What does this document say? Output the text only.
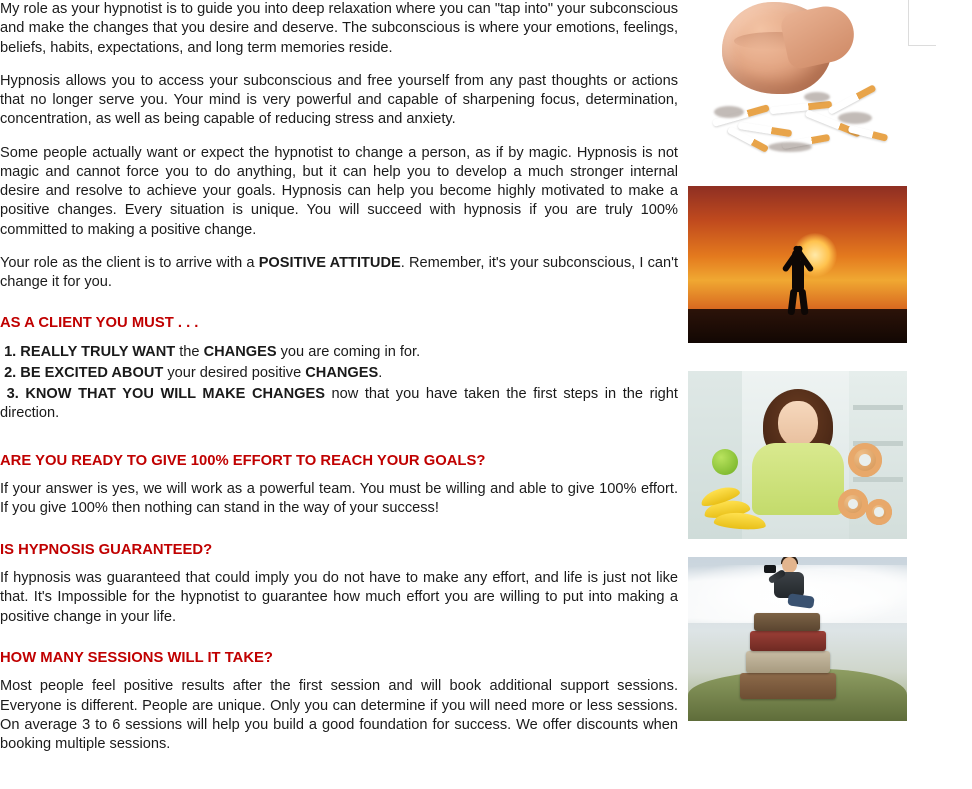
My role as your hypnotist is to guide you into deep relaxation where you can "tap into" your subconscious and make the changes that you desire and deserve. The subconscious is where your emotions, feelings, beliefs, habits, expectations, and long term memories reside.

Hypnosis allows you to access your subconscious and free yourself from any past thoughts or actions that no longer serve you. Your mind is very powerful and capable of sharpening focus, determination, concentration, as well as being capable of reducing stress and anxiety.

Some people actually want or expect the hypnotist to change a person, as if by magic. Hypnosis is not magic and cannot force you to do anything, but it can help you to develop a much stronger internal desire and resolve to achieve your goals. Hypnosis can help you become highly motivated to make a positive changes. Every situation is unique. You will succeed with hypnosis if you are truly 100% committed to making a positive change.

Your role as the client is to arrive with a POSITIVE ATTITUDE. Remember, it's your subconscious, I can't change it for you.

AS A CLIENT YOU MUST . . .

1. REALLY TRULY WANT the CHANGES you are coming in for.
2. BE EXCITED ABOUT your desired positive CHANGES.
3. KNOW THAT YOU WILL MAKE CHANGES now that you have taken the first steps in the right direction.

ARE YOU READY TO GIVE 100% EFFORT TO REACH YOUR GOALS?

If your answer is yes, we will work as a powerful team. You must be willing and able to give 100% effort. If you give 100% then nothing can stand in the way of your success!

IS HYPNOSIS GUARANTEED?

If hypnosis was guaranteed that could imply you do not have to make any effort, and life is just not like that. It's Impossible for the hypnotist to guarantee how much effort you are willing to put into making a positive change in your life.

HOW MANY SESSIONS WILL IT TAKE?

Most people feel positive results after the first session and will book additional support sessions. Everyone is different. People are unique. Only you can determine if you will need more or less sessions. On average 3 to 6 sessions will help you build a good foundation for success. We offer discounts when booking multiple sessions.
